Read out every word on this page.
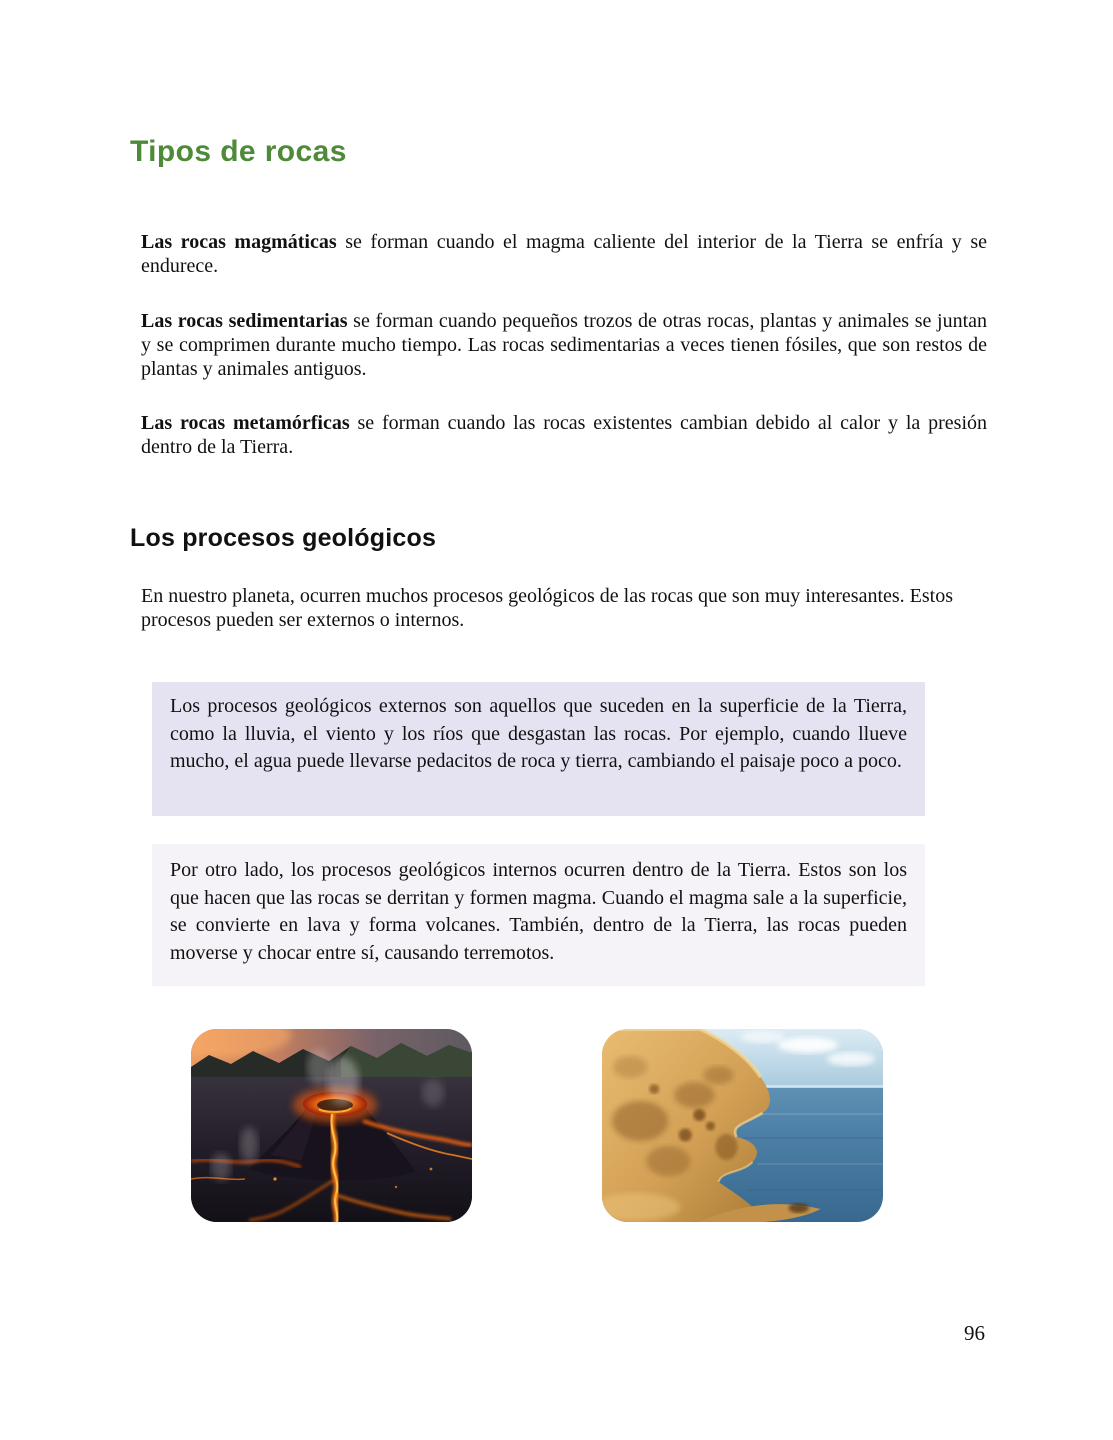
Tipos de rocas

Las rocas magmáticas se forman cuando el magma caliente del interior de la Tierra se enfría y se endurece.

Las rocas sedimentarias se forman cuando pequeños trozos de otras rocas, plantas y animales se juntan y se comprimen durante mucho tiempo. Las rocas sedimentarias a veces tienen fósiles, que son restos de plantas y animales antiguos.

Las rocas metamórficas se forman cuando las rocas existentes cambian debido al calor y la presión dentro de la Tierra.

Los procesos geológicos

En nuestro planeta, ocurren muchos procesos geológicos de las rocas que son muy interesantes. Estos procesos pueden ser externos o internos.

Los procesos geológicos externos son aquellos que suceden en la superficie de la Tierra, como la lluvia, el viento y los ríos que desgastan las rocas. Por ejemplo, cuando llueve mucho, el agua puede llevarse pedacitos de roca y tierra, cambiando el paisaje poco a poco.
Por otro lado, los procesos geológicos internos ocurren dentro de la Tierra. Estos son los que hacen que las rocas se derritan y formen magma. Cuando el magma sale a la superficie, se convierte en lava y forma volcanes. También, dentro de la Tierra, las rocas pueden moverse y chocar entre sí, causando terremotos.
96
